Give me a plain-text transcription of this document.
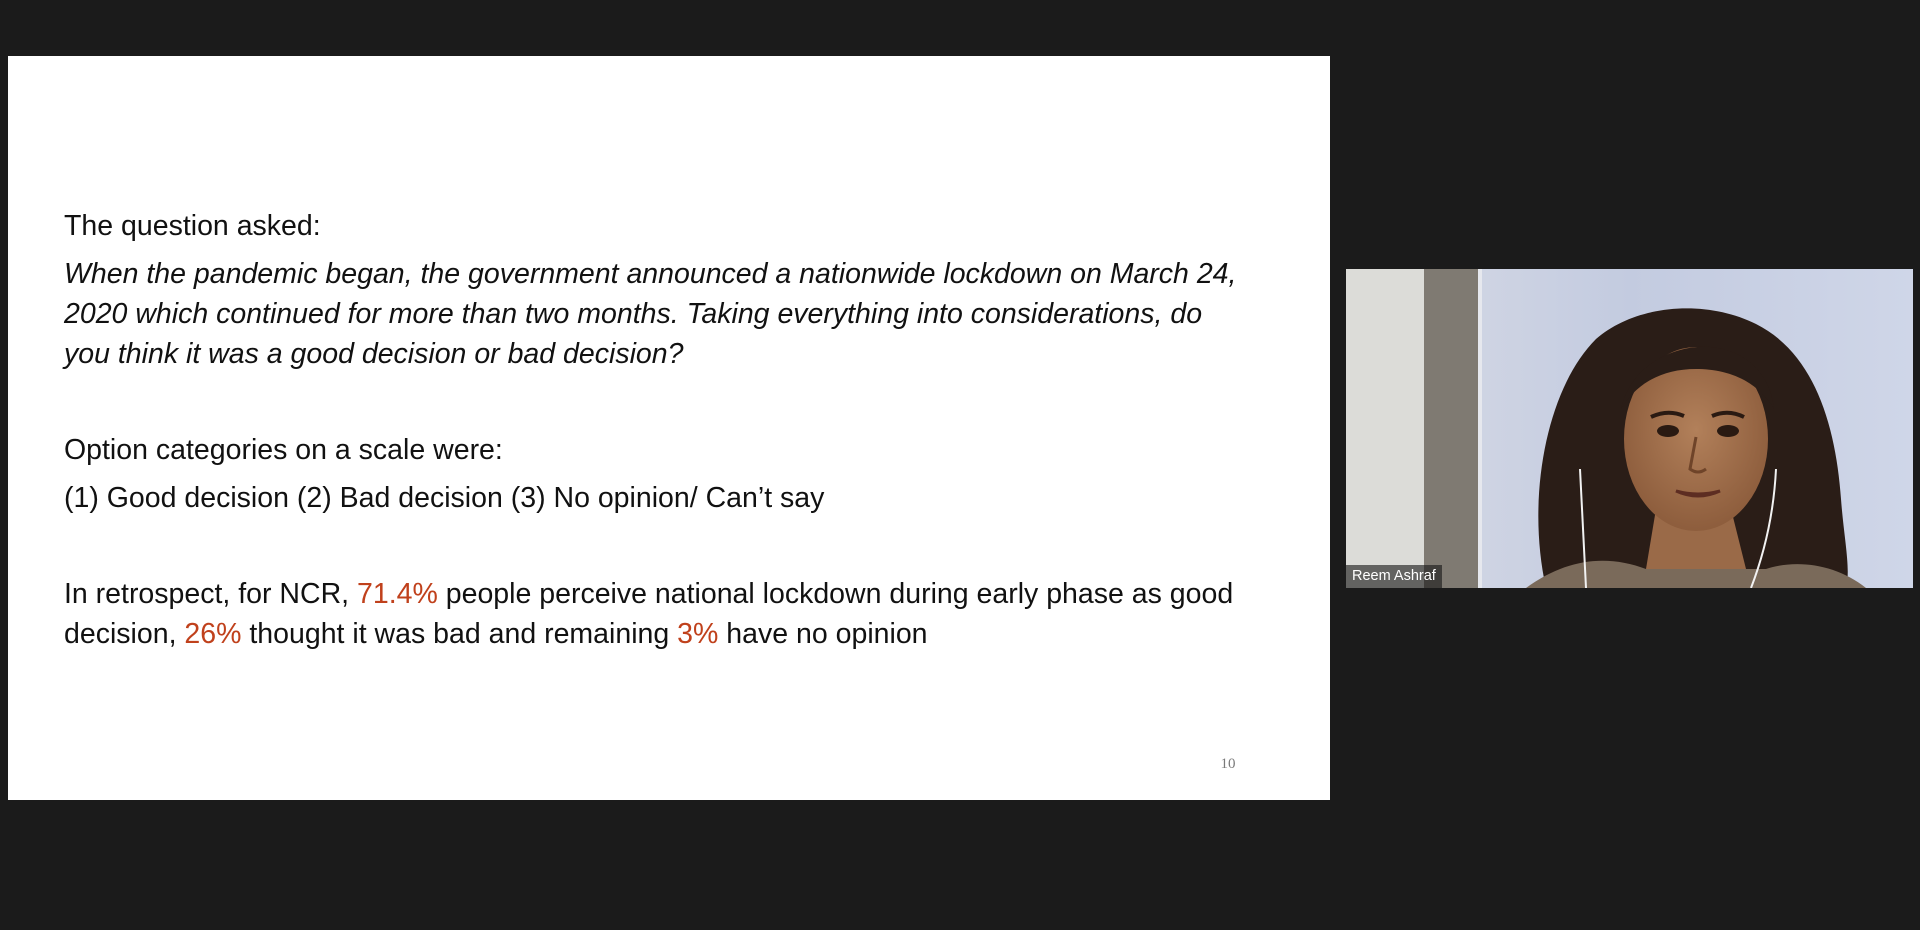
The question asked:

When the pandemic began, the government announced a nationwide lockdown on March 24, 2020 which continued for more than two months. Taking everything into considerations, do you think it was a good decision or bad decision?

Option categories on a scale were:

(1) Good decision (2) Bad decision (3) No opinion/ Can’t say

In retrospect, for NCR, 71.4% people perceive national lockdown during early phase as good decision, 26% thought it was bad and remaining 3% have no opinion

10
Reem Ashraf
